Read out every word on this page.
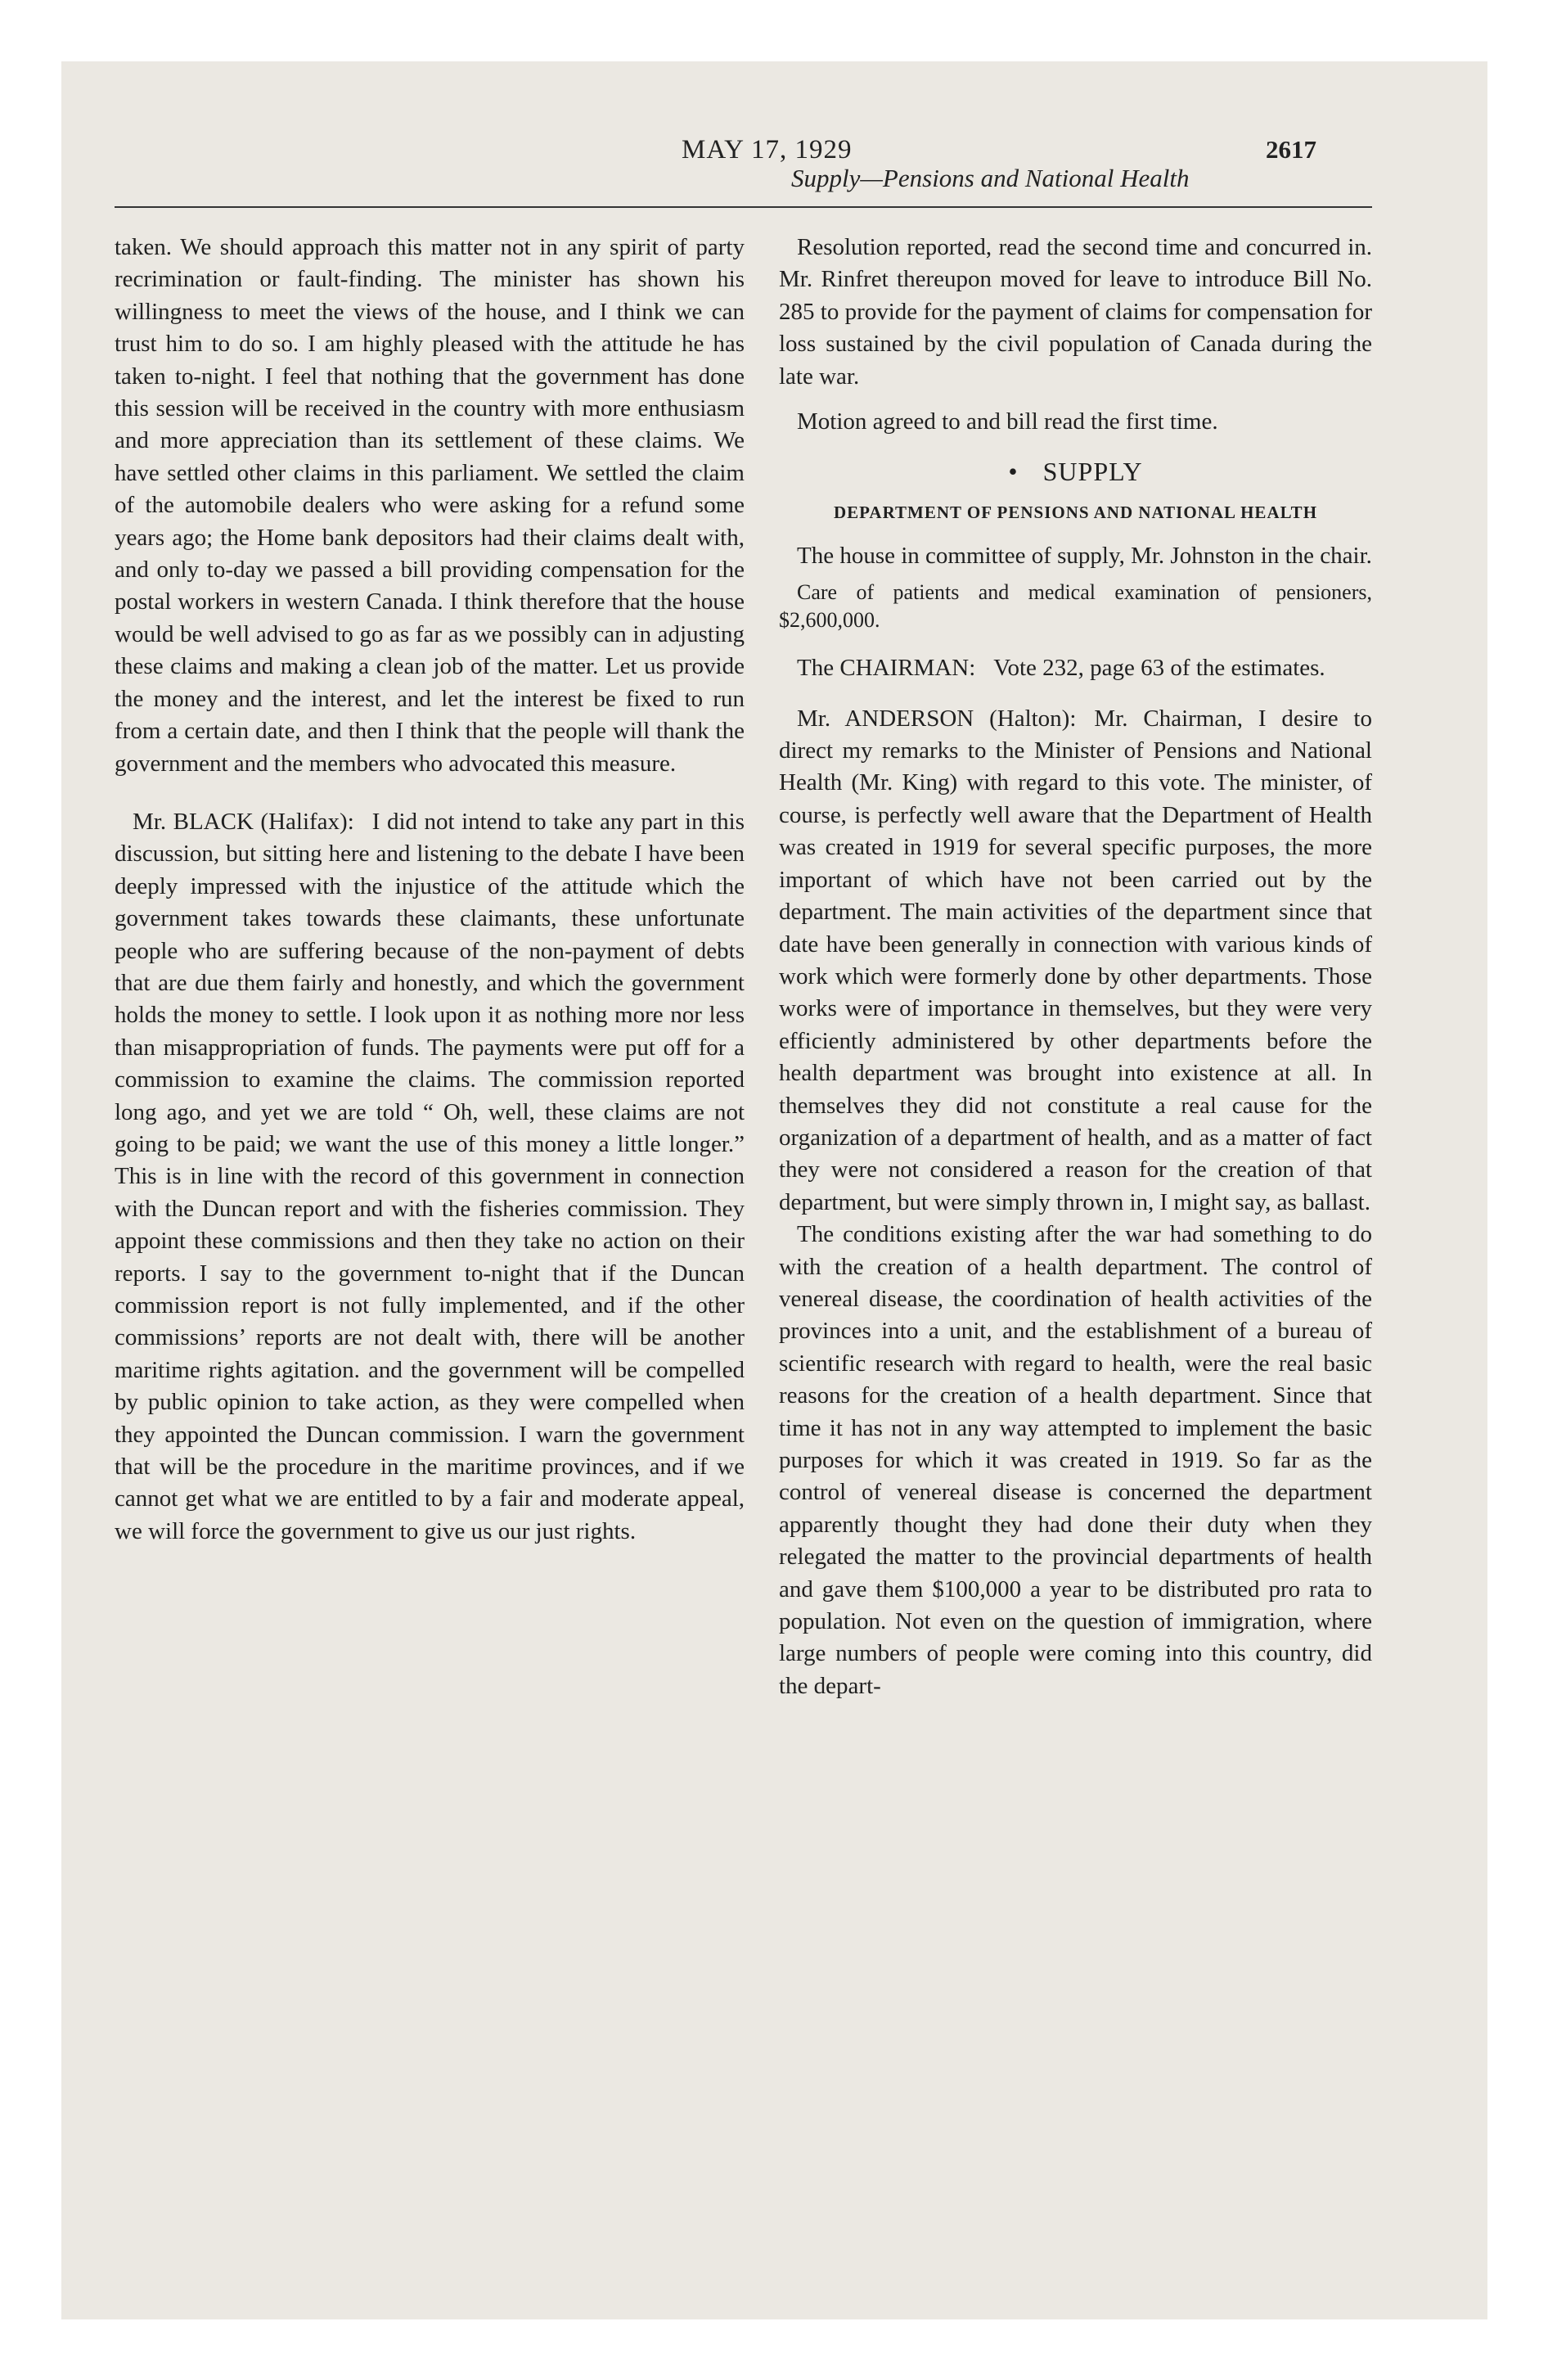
MAY 17, 1929	2617
Supply—Pensions and National Health

taken. We should approach this matter not in any spirit of party recrimination or fault-finding. The minister has shown his willingness to meet the views of the house, and I think we can trust him to do so. I am highly pleased with the attitude he has taken to-night. I feel that nothing that the government has done this session will be received in the country with more enthusiasm and more appreciation than its settlement of these claims. We have settled other claims in this parliament. We settled the claim of the automobile dealers who were asking for a refund some years ago; the Home bank depositors had their claims dealt with, and only to-day we passed a bill providing compensation for the postal workers in western Canada. I think therefore that the house would be well advised to go as far as we possibly can in adjusting these claims and making a clean job of the matter. Let us provide the money and the interest, and let the interest be fixed to run from a certain date, and then I think that the people will thank the government and the members who advocated this measure.

Mr. BLACK (Halifax): I did not intend to take any part in this discussion, but sitting here and listening to the debate I have been deeply impressed with the injustice of the attitude which the government takes towards these claimants, these unfortunate people who are suffering because of the non-payment of debts that are due them fairly and honestly, and which the government holds the money to settle. I look upon it as nothing more nor less than misappropriation of funds. The payments were put off for a commission to examine the claims. The commission reported long ago, and yet we are told “ Oh, well, these claims are not going to be paid; we want the use of this money a little longer.” This is in line with the record of this government in connection with the Duncan report and with the fisheries commission. They appoint these commissions and then they take no action on their reports. I say to the government to-night that if the Duncan commission report is not fully implemented, and if the other commissions’ reports are not dealt with, there will be another maritime rights agitation. and the government will be compelled by public opinion to take action, as they were compelled when they appointed the Duncan commission. I warn the government that will be the procedure in the maritime provinces, and if we cannot get what we are entitled to by a fair and moderate appeal, we will force the government to give us our just rights.

Resolution reported, read the second time and concurred in. Mr. Rinfret thereupon moved for leave to introduce Bill No. 285 to provide for the payment of claims for compensation for loss sustained by the civil population of Canada during the late war.

Motion agreed to and bill read the first time.

• SUPPLY
DEPARTMENT OF PENSIONS AND NATIONAL HEALTH

The house in committee of supply, Mr. Johnston in the chair.

Care of patients and medical examination of pensioners, $2,600,000.

The CHAIRMAN: Vote 232, page 63 of the estimates.

Mr. ANDERSON (Halton): Mr. Chairman, I desire to direct my remarks to the Minister of Pensions and National Health (Mr. King) with regard to this vote. The minister, of course, is perfectly well aware that the Department of Health was created in 1919 for several specific purposes, the more important of which have not been carried out by the department. The main activities of the department since that date have been generally in connection with various kinds of work which were formerly done by other departments. Those works were of importance in themselves, but they were very efficiently administered by other departments before the health department was brought into existence at all. In themselves they did not constitute a real cause for the organization of a department of health, and as a matter of fact they were not considered a reason for the creation of that department, but were simply thrown in, I might say, as ballast.

The conditions existing after the war had something to do with the creation of a health department. The control of venereal disease, the coordination of health activities of the provinces into a unit, and the establishment of a bureau of scientific research with regard to health, were the real basic reasons for the creation of a health department. Since that time it has not in any way attempted to implement the basic purposes for which it was created in 1919. So far as the control of venereal disease is concerned the department apparently thought they had done their duty when they relegated the matter to the provincial departments of health and gave them $100,000 a year to be distributed pro rata to population. Not even on the question of immigration, where large numbers of people were coming into this country, did the depart-
